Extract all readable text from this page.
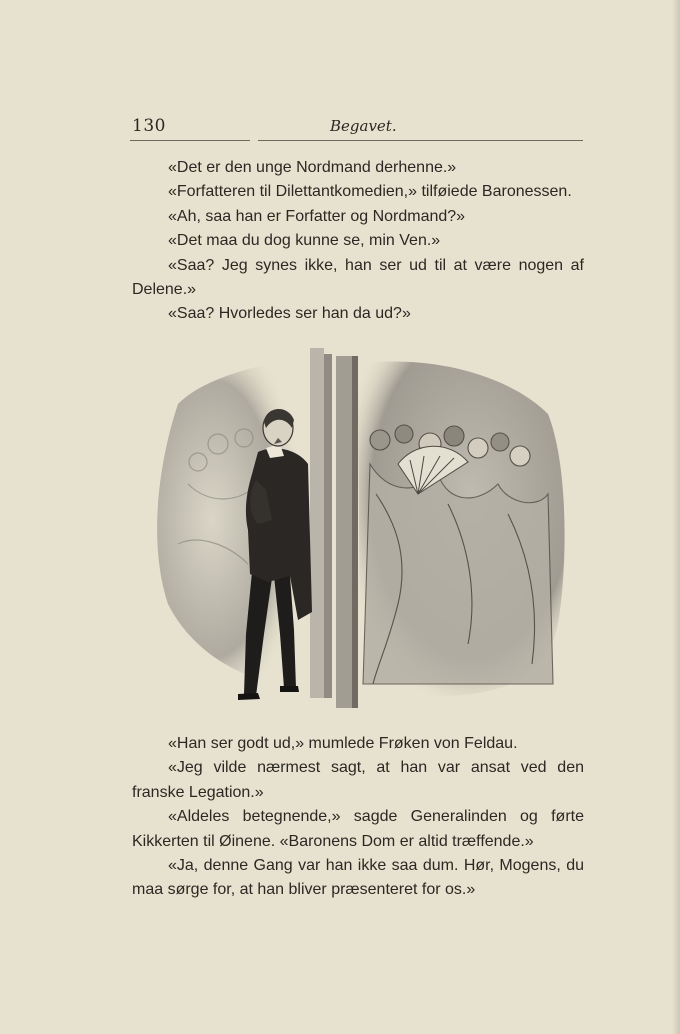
130	Begavet.

«Det er den unge Nordmand derhenne.»

«Forfatteren til Dilettantkomedien,» tilføiede Baronessen.

«Ah, saa han er Forfatter og Nordmand?»

«Det maa du dog kunne se, min Ven.»

«Saa? Jeg synes ikke, han ser ud til at være nogen af Delene.»

«Saa? Hvorledes ser han da ud?»

«Han ser godt ud,» mumlede Frøken von Feldau.

«Jeg vilde nærmest sagt, at han var ansat ved den franske Legation.»

«Aldeles betegnende,» sagde Generalinden og førte Kikkerten til Øinene. «Baronens Dom er altid træffende.»

«Ja, denne Gang var han ikke saa dum. Hør, Mogens, du maa sørge for, at han bliver præsenteret for os.»
